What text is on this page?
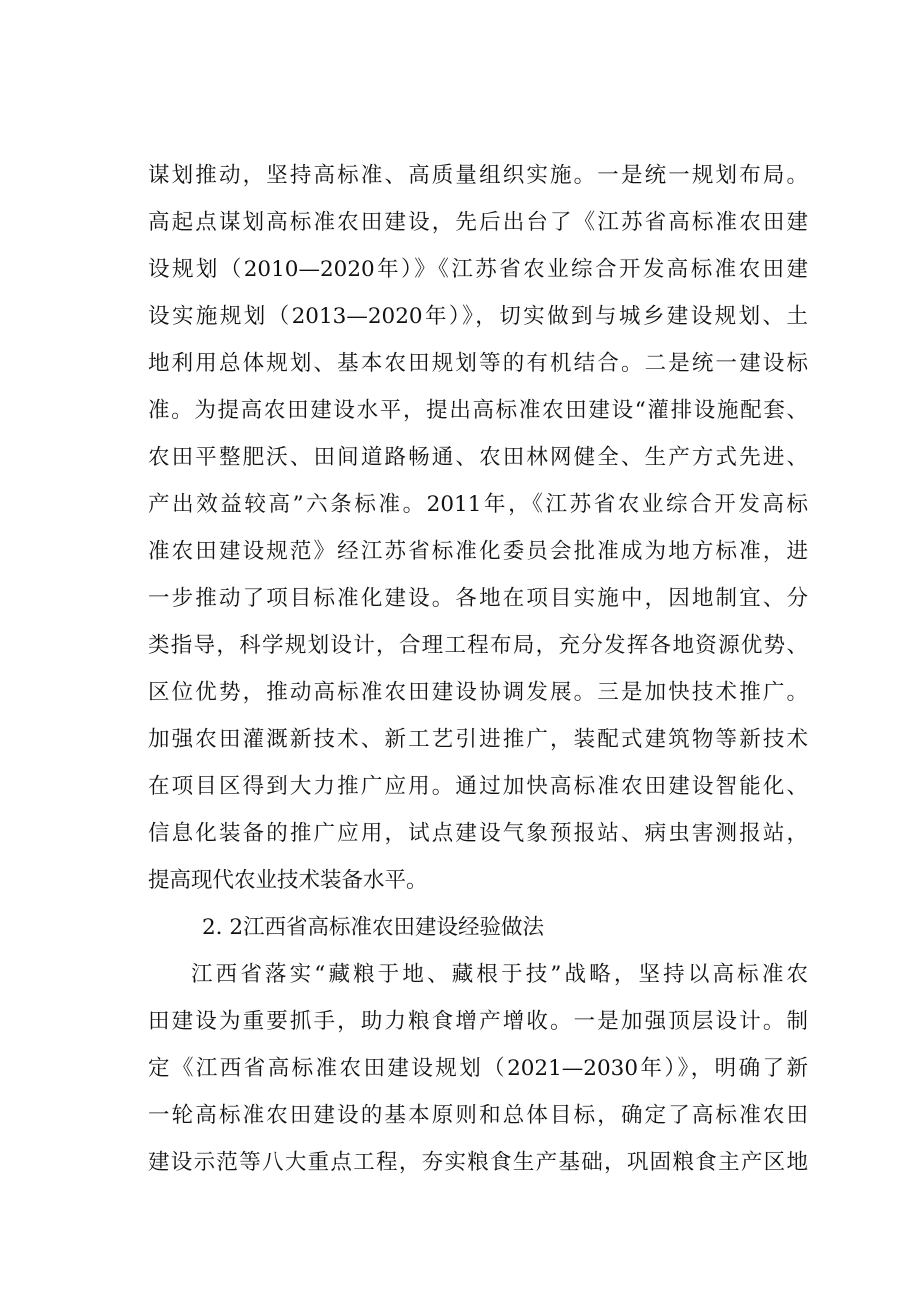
谋划推动，坚持高标准、高质量组织实施。一是统一规划布局。
高起点谋划高标准农田建设，先后出台了《江苏省高标准农田建
设规划（2010—2020年）》《江苏省农业综合开发高标准农田建
设实施规划（2013—2020年）》，切实做到与城乡建设规划、土
地利用总体规划、基本农田规划等的有机结合。二是统一建设标
准。为提高农田建设水平，提出高标准农田建设“灌排设施配套、
农田平整肥沃、田间道路畅通、农田林网健全、生产方式先进、
产出效益较高”六条标准。2011年，《江苏省农业综合开发高标
准农田建设规范》经江苏省标准化委员会批准成为地方标准，进
一步推动了项目标准化建设。各地在项目实施中，因地制宜、分
类指导，科学规划设计，合理工程布局，充分发挥各地资源优势、
区位优势，推动高标准农田建设协调发展。三是加快技术推广。
加强农田灌溉新技术、新工艺引进推广，装配式建筑物等新技术
在项目区得到大力推广应用。通过加快高标准农田建设智能化、
信息化装备的推广应用，试点建设气象预报站、病虫害测报站，
提高现代农业技术装备水平。
2. 2江西省高标准农田建设经验做法
江西省落实“藏粮于地、藏根于技”战略，坚持以高标准农
田建设为重要抓手，助力粮食增产增收。一是加强顶层设计。制
定《江西省高标准农田建设规划（2021—2030年）》，明确了新
一轮高标准农田建设的基本原则和总体目标，确定了高标准农田
建设示范等八大重点工程，夯实粮食生产基础，巩固粮食主产区地
